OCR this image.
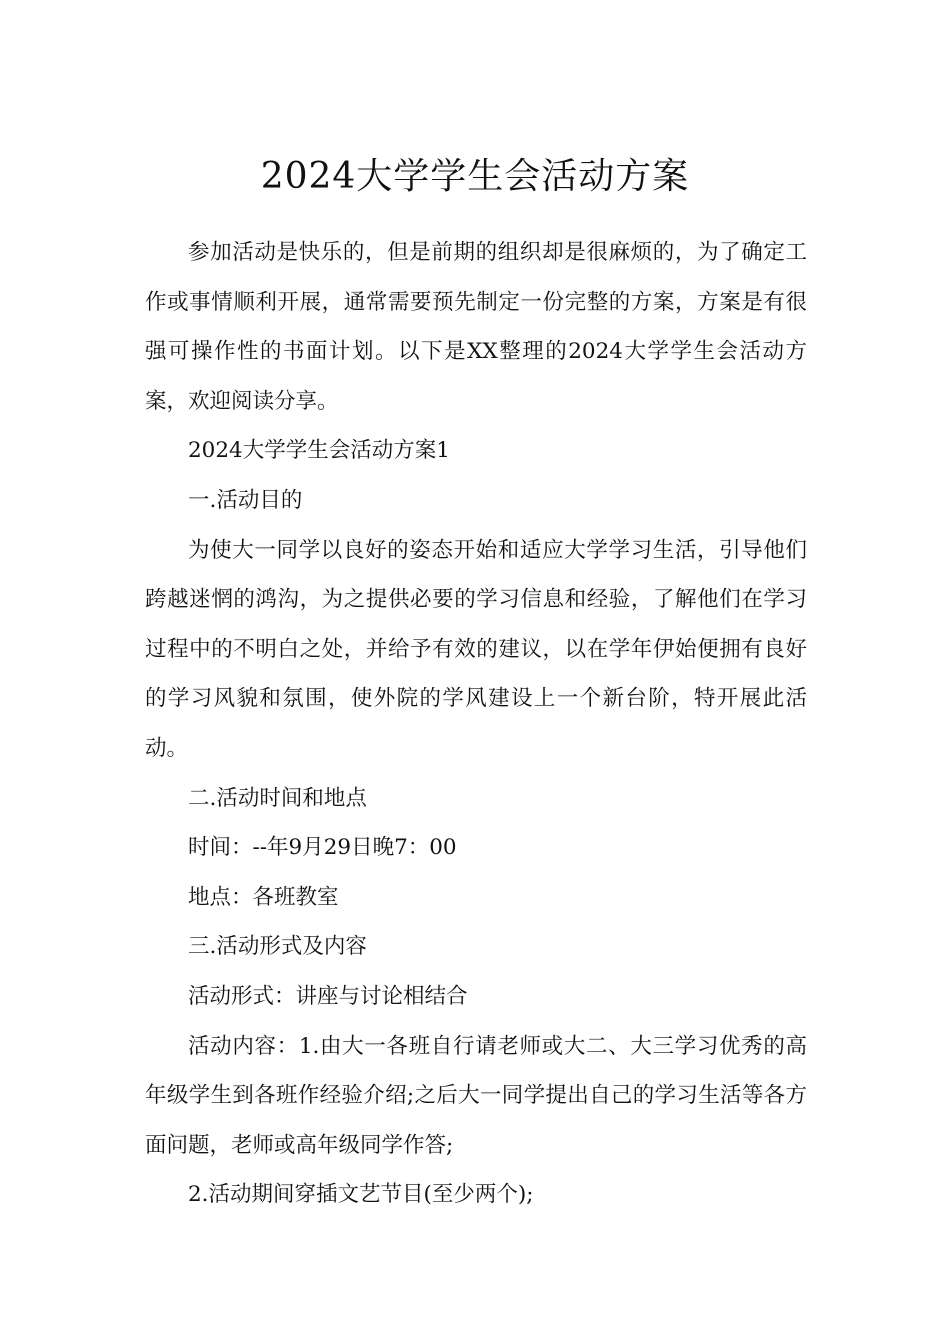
2024大学学生会活动方案

参加活动是快乐的，但是前期的组织却是很麻烦的，为了确定工作或事情顺利开展，通常需要预先制定一份完整的方案，方案是有很强可操作性的书面计划。以下是XX整理的2024大学学生会活动方案，欢迎阅读分享。

2024大学学生会活动方案1

一.活动目的

为使大一同学以良好的姿态开始和适应大学学习生活，引导他们跨越迷惘的鸿沟，为之提供必要的学习信息和经验，了解他们在学习过程中的不明白之处，并给予有效的建议，以在学年伊始便拥有良好的学习风貌和氛围，使外院的学风建设上一个新台阶，特开展此活动。

二.活动时间和地点

时间：--年9月29日晚7：00

地点：各班教室

三.活动形式及内容

活动形式：讲座与讨论相结合

活动内容：1.由大一各班自行请老师或大二、大三学习优秀的高年级学生到各班作经验介绍;之后大一同学提出自己的学习生活等各方面问题，老师或高年级同学作答;

2.活动期间穿插文艺节目(至少两个);
